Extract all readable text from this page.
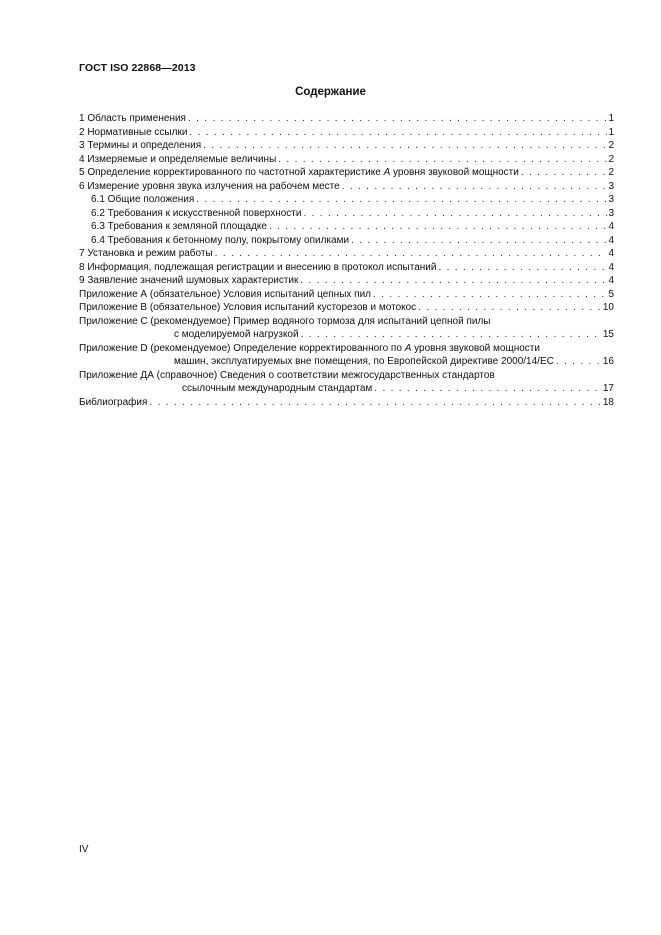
ГОСТ ISO 22868—2013
Содержание
1 Область применения . . .	1
2 Нормативные ссылки . . .	1
3 Термины и определения . . .	2
4 Измеряемые и определяемые величины . . .	2
5 Определение корректированного по частотной характеристике A уровня звуковой мощности . . .	2
6 Измерение уровня звука излучения на рабочем месте . . .	3
6.1 Общие положения . . .	3
6.2 Требования к искусственной поверхности . . .	3
6.3 Требования к земляной площадке . . .	4
6.4 Требования к бетонному полу, покрытому опилками . . .	4
7 Установка и режим работы . . .	4
8 Информация, подлежащая регистрации и внесению в протокол испытаний . . .	4
9 Заявление значений шумовых характеристик . . .	4
Приложение А (обязательное) Условия испытаний цепных пил . . .	5
Приложение В (обязательное) Условия испытаний кусторезов и мотокос . . .	10
Приложение С (рекомендуемое) Пример водяного тормоза для испытаний цепной пилы
с моделируемой нагрузкой . . .	15
Приложение D (рекомендуемое) Определение корректированного по А уровня звуковой мощности
машин, эксплуатируемых вне помещения, по Европейской директиве 2000/14/ЕС . . .	16
Приложение ДА (справочное) Сведения о соответствии межгосударственных стандартов
ссылочным международным стандартам . . .	17
Библиография . . .	18
IV
